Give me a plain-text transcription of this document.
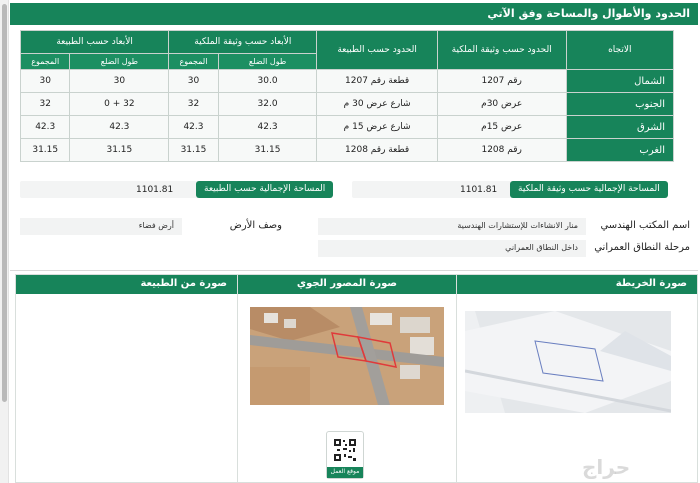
الحدود والأطوال والمساحة وفق الآتي
الاتجاه	الحدود حسب وثيقة الملكية	الحدود حسب الطبيعة	الأبعاد حسب وثيقة الملكية		الأبعاد حسب الطبيعة	
			طول الضلع	المجموع	طول الضلع	المجموع
الشمال	رقم 1207	قطعة رقم 1207	30.0	30	30	30
الجنوب	عرض 30م	شارع عرض 30 م	32.0	32	32 + 0	32
الشرق	عرض 15م	شارع عرض 15 م	42.3	42.3	42.3	42.3
الغرب	رقم 1208	قطعة رقم 1208	31.15	31.15	31.15	31.15
المساحة الإجمالية حسب وثيقة الملكية
1101.81
المساحة الإجمالية حسب الطبيعة
1101.81
اسم المكتب الهندسي
منار الانشاءات للإستشارات الهندسية
وصف الأرض
أرض فضاء
مرحلة النطاق العمراني
داخل النطاق العمراني
صورة الخريطة
صورة المصور الجوي
موقع العمل
صورة من الطبيعة
حراج
